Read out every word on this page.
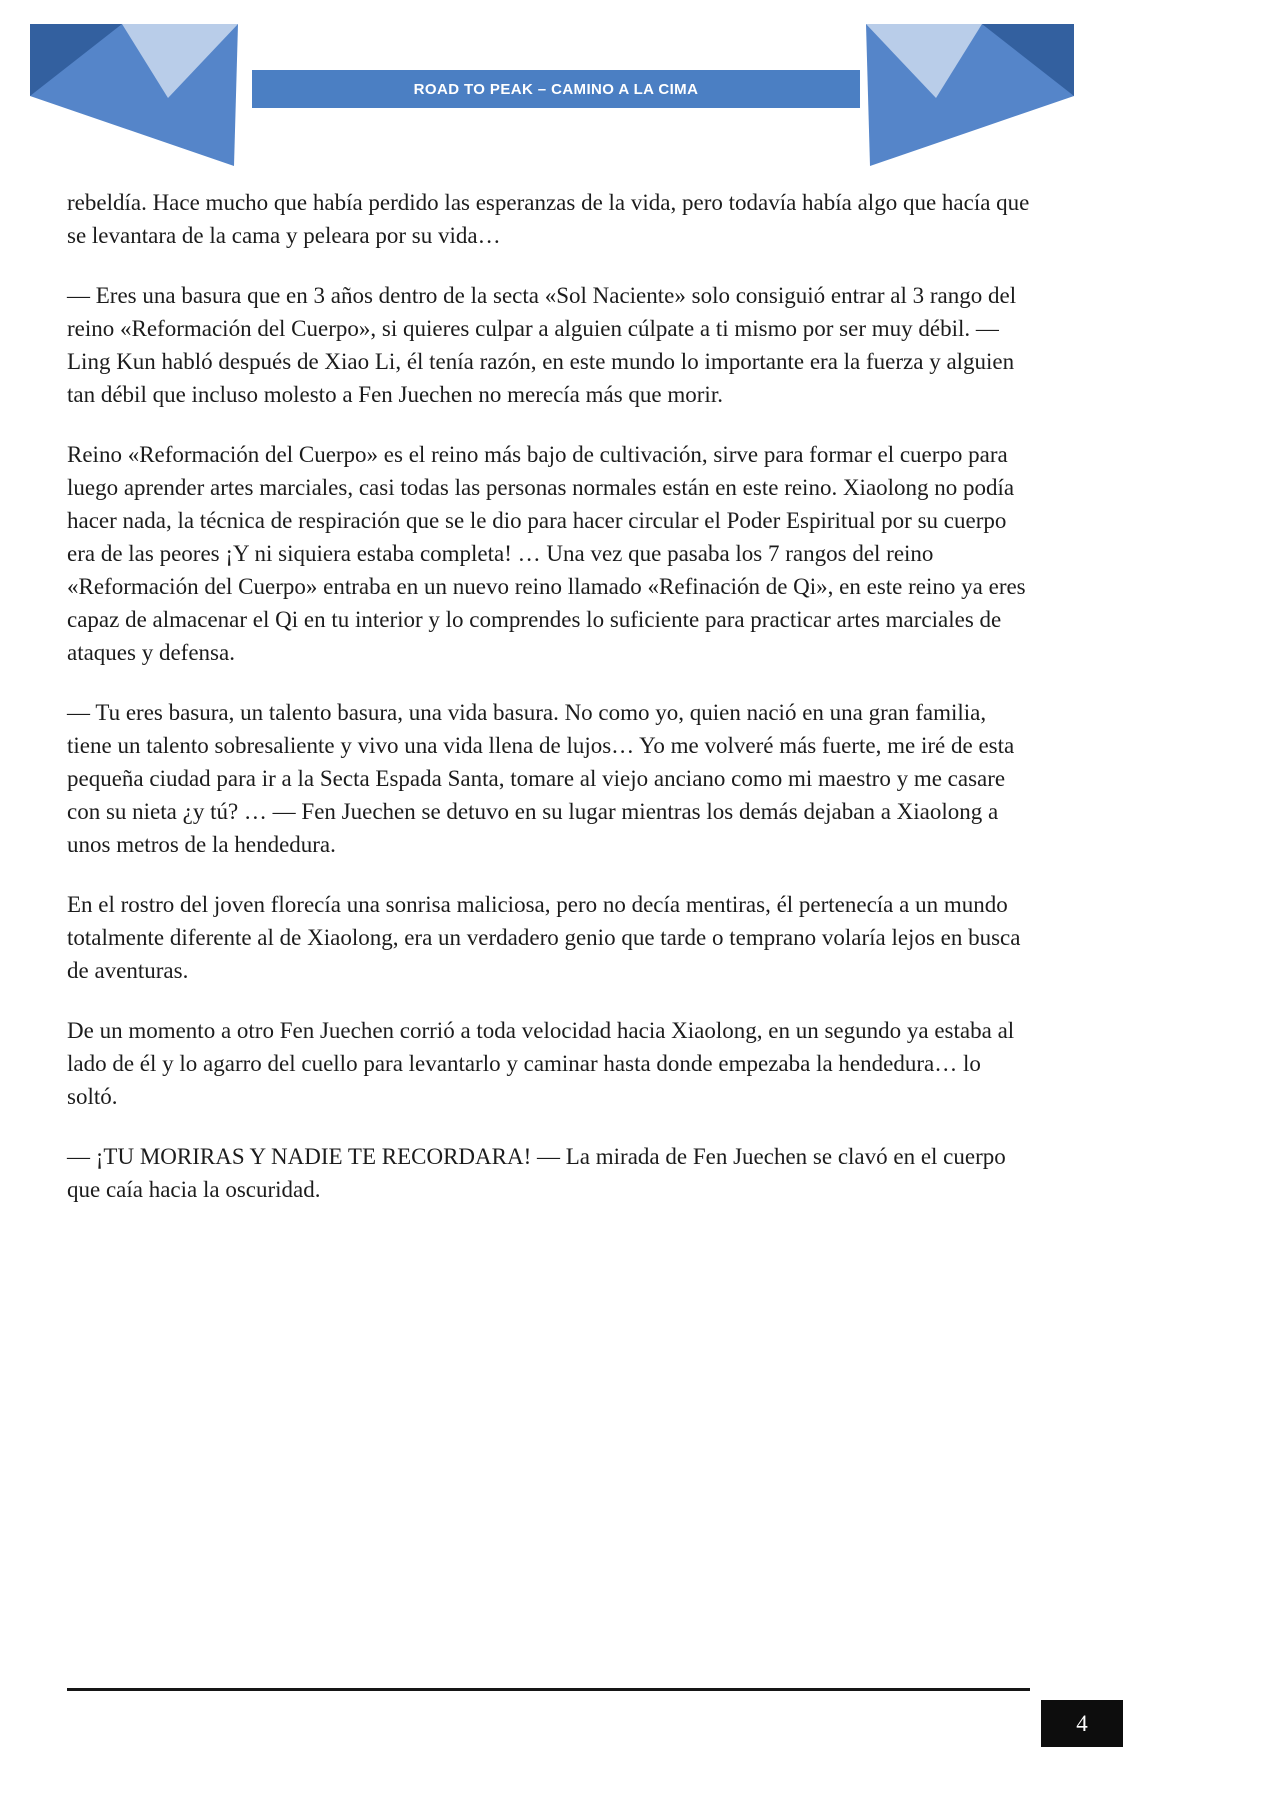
ROAD TO PEAK – CAMINO A LA CIMA

rebeldía. Hace mucho que había perdido las esperanzas de la vida, pero todavía había algo que hacía que se levantara de la cama y peleara por su vida…

— Eres una basura que en 3 años dentro de la secta «Sol Naciente» solo consiguió entrar al 3 rango del reino «Reformación del Cuerpo», si quieres culpar a alguien cúlpate a ti mismo por ser muy débil. — Ling Kun habló después de Xiao Li, él tenía razón, en este mundo lo importante era la fuerza y alguien tan débil que incluso molesto a Fen Juechen no merecía más que morir.

Reino «Reformación del Cuerpo» es el reino más bajo de cultivación, sirve para formar el cuerpo para luego aprender artes marciales, casi todas las personas normales están en este reino. Xiaolong no podía hacer nada, la técnica de respiración que se le dio para hacer circular el Poder Espiritual por su cuerpo era de las peores ¡Y ni siquiera estaba completa! … Una vez que pasaba los 7 rangos del reino «Reformación del Cuerpo» entraba en un nuevo reino llamado «Refinación de Qi», en este reino ya eres capaz de almacenar el Qi en tu interior y lo comprendes lo suficiente para practicar artes marciales de ataques y defensa.

— Tu eres basura, un talento basura, una vida basura. No como yo, quien nació en una gran familia, tiene un talento sobresaliente y vivo una vida llena de lujos… Yo me volveré más fuerte, me iré de esta pequeña ciudad para ir a la Secta Espada Santa, tomare al viejo anciano como mi maestro y me casare con su nieta ¿y tú? … — Fen Juechen se detuvo en su lugar mientras los demás dejaban a Xiaolong a unos metros de la hendedura.

En el rostro del joven florecía una sonrisa maliciosa, pero no decía mentiras, él pertenecía a un mundo totalmente diferente al de Xiaolong, era un verdadero genio que tarde o temprano volaría lejos en busca de aventuras.

De un momento a otro Fen Juechen corrió a toda velocidad hacia Xiaolong, en un segundo ya estaba al lado de él y lo agarro del cuello para levantarlo y caminar hasta donde empezaba la hendedura… lo soltó.

— ¡TU MORIRAS Y NADIE TE RECORDARA! — La mirada de Fen Juechen se clavó en el cuerpo que caía hacia la oscuridad.

4
